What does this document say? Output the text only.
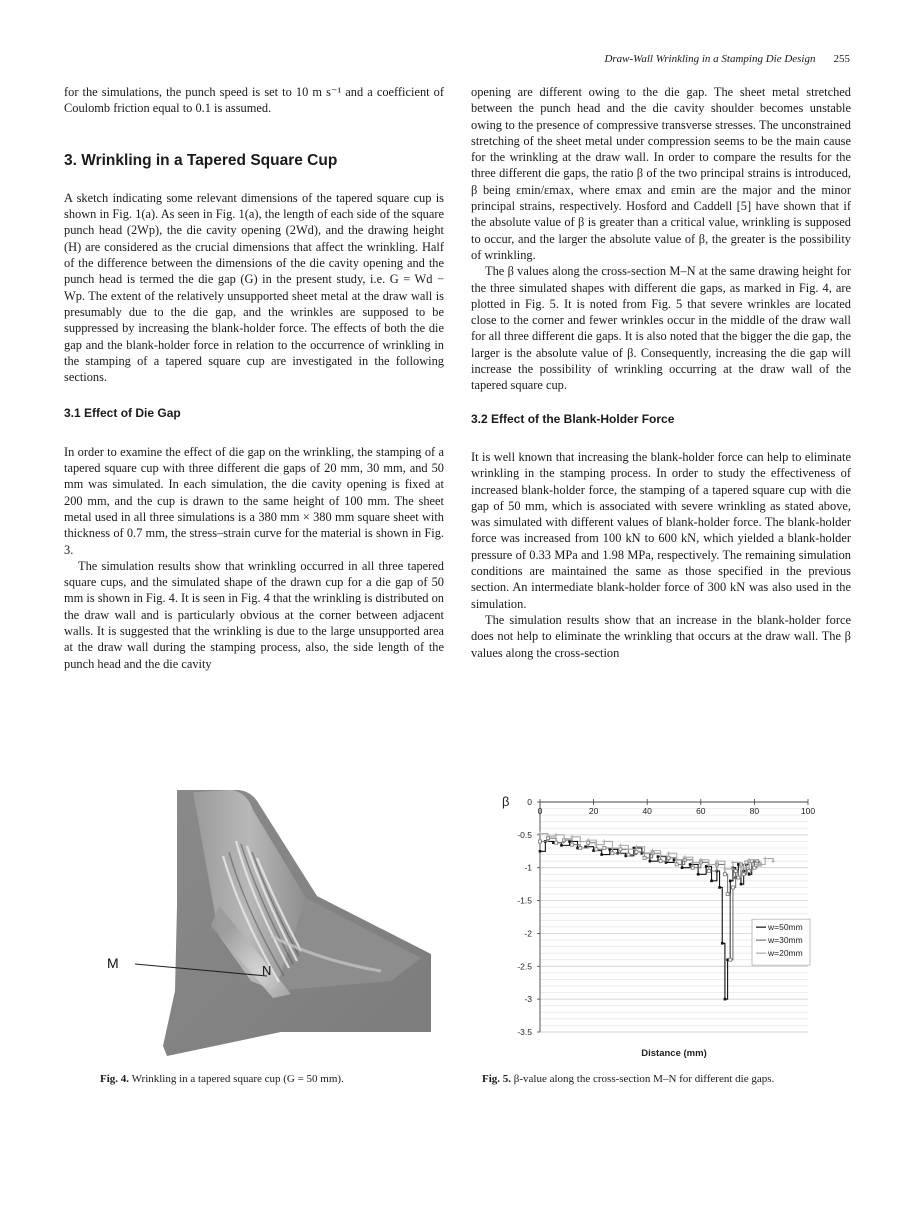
Draw-Wall Wrinkling in a Stamping Die Design 255

for the simulations, the punch speed is set to 10 m s⁻¹ and a coefficient of Coulomb friction equal to 0.1 is assumed.

3. Wrinkling in a Tapered Square Cup

A sketch indicating some relevant dimensions of the tapered square cup is shown in Fig. 1(a). As seen in Fig. 1(a), the length of each side of the square punch head (2Wp), the die cavity opening (2Wd), and the drawing height (H) are considered as the crucial dimensions that affect the wrinkling. Half of the difference between the dimensions of the die cavity opening and the punch head is termed the die gap (G) in the present study, i.e. G = Wd − Wp. The extent of the relatively unsupported sheet metal at the draw wall is presumably due to the die gap, and the wrinkles are supposed to be suppressed by increasing the blank-holder force. The effects of both the die gap and the blank-holder force in relation to the occurrence of wrinkling in the stamping of a tapered square cup are investigated in the following sections.

3.1 Effect of Die Gap

In order to examine the effect of die gap on the wrinkling, the stamping of a tapered square cup with three different die gaps of 20 mm, 30 mm, and 50 mm was simulated. In each simulation, the die cavity opening is fixed at 200 mm, and the cup is drawn to the same height of 100 mm. The sheet metal used in all three simulations is a 380 mm × 380 mm square sheet with thickness of 0.7 mm, the stress–strain curve for the material is shown in Fig. 3.

The simulation results show that wrinkling occurred in all three tapered square cups, and the simulated shape of the drawn cup for a die gap of 50 mm is shown in Fig. 4. It is seen in Fig. 4 that the wrinkling is distributed on the draw wall and is particularly obvious at the corner between adjacent walls. It is suggested that the wrinkling is due to the large unsupported area at the draw wall during the stamping process, also, the side length of the punch head and the die cavity

opening are different owing to the die gap. The sheet metal stretched between the punch head and the die cavity shoulder becomes unstable owing to the presence of compressive transverse stresses. The unconstrained stretching of the sheet metal under compression seems to be the main cause for the wrinkling at the draw wall. In order to compare the results for the three different die gaps, the ratio β of the two principal strains is introduced, β being εmin/εmax, where εmax and εmin are the major and the minor principal strains, respectively. Hosford and Caddell [5] have shown that if the absolute value of β is greater than a critical value, wrinkling is supposed to occur, and the larger the absolute value of β, the greater is the possibility of wrinkling.

The β values along the cross-section M–N at the same drawing height for the three simulated shapes with different die gaps, as marked in Fig. 4, are plotted in Fig. 5. It is noted from Fig. 5 that severe wrinkles are located close to the corner and fewer wrinkles occur in the middle of the draw wall for all three different die gaps. It is also noted that the bigger the die gap, the larger is the absolute value of β. Consequently, increasing the die gap will increase the possibility of wrinkling occurring at the draw wall of the tapered square cup.

3.2 Effect of the Blank-Holder Force

It is well known that increasing the blank-holder force can help to eliminate wrinkling in the stamping process. In order to study the effectiveness of increased blank-holder force, the stamping of a tapered square cup with die gap of 50 mm, which is associated with severe wrinkling as stated above, was simulated with different values of blank-holder force. The blank-holder force was increased from 100 kN to 600 kN, which yielded a blank-holder pressure of 0.33 MPa and 1.98 MPa, respectively. The remaining simulation conditions are maintained the same as those specified in the previous section. An intermediate blank-holder force of 300 kN was also used in the simulation.

The simulation results show that an increase in the blank-holder force does not help to eliminate the wrinkling that occurs at the draw wall. The β values along the cross-section

M	N
0	20	40	60	80	100
0
-0.5
-1
-1.5
-2
-2.5
-3
-3.5
β
Distance (mm)
w=50mm
w=30mm
w=20mm
Fig. 4. Wrinkling in a tapered square cup (G = 50 mm).	Fig. 5. β-value along the cross-section M–N for different die gaps.
